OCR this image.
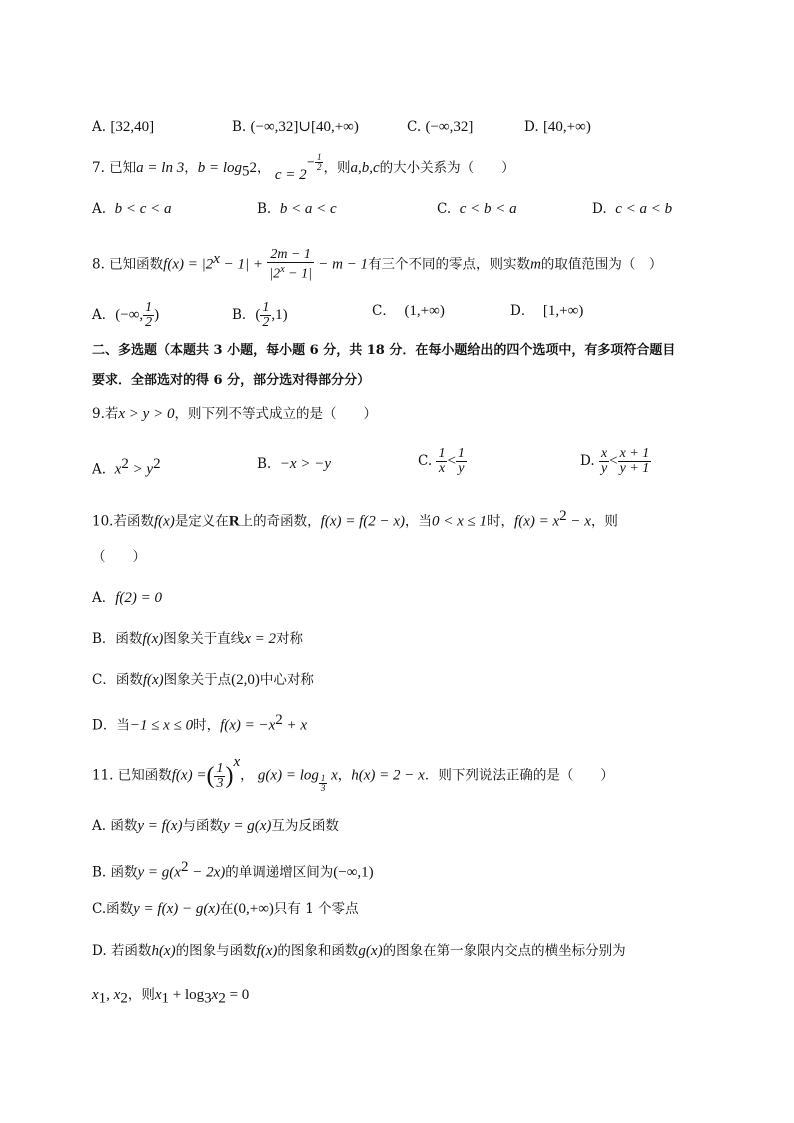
A. [32,40]	B. (−∞,32]∪[40,+∞)	C. (−∞,32]	D. [40,+∞)
7. 已知a = ln 3，$b = \log_52$， $c = 2^{- \frac{1}{2}}$ ，则a,b,c的大小关系为（　　）
A. b < c < a	B. b < a < c	C. c < b < a	D. c < a < b
8. 已知函数$f(x) = |2^x - 1| + \frac{2m - 1}{|2^x - 1|} - m - 1$有三个不同的零点，则实数m的取值范围为（　）
A．(−∞, $\frac{1}{2}$ )	B．( $\frac{1}{2} ,1$)	C． (1,+∞)	D． [1,+∞)
二、多选题（本题共 3 小题，每小题 6 分，共 18 分．在每小题给出的四个选项中，有多项符合题目
要求．全部选对的得 6 分，部分选对得部分分）
9.若x > y > 0，则下列不等式成立的是（　　）
A. $x^2 > y^2$	B. −x > −y	C. $\frac{1}{x} < \frac{1}{y}$	D. $\frac{x}{y} < \frac{x + 1}{y + 1}$
10.若函数f(x)是定义在R上的奇函数，f(x) = f(2 − x)，当0 < x ≤ 1时，$f(x) = x^2 - x$，则
（　　）
A．f(2) = 0
B．函数f(x)图象关于直线x = 2对称
C．函数f(x)图象关于点(2,0)中心对称
D．当−1 ≤ x ≤ 0时，$f(x) = -x^2 + x$
11. 已知函数f(x) =( $\frac{1}{3} )^x$， $g(x) = \log \frac{1}{3}$ x，h(x) = 2 − x．则下列说法正确的是（　　）
A. 函数y = f(x)与函数y = g(x)互为反函数
B. 函数$y = g(x^2 - 2x)$的单调递增区间为(−∞,1)
C.函数y = f(x) − g(x)在(0,+∞)只有 1 个零点
D. 若函数h(x)的图象与函数f(x)的图象和函数g(x)的图象在第一象限内交点的横坐标分别为
$x_1$, $x_2$，则$x_1 + \log_3x_2 = 0$
